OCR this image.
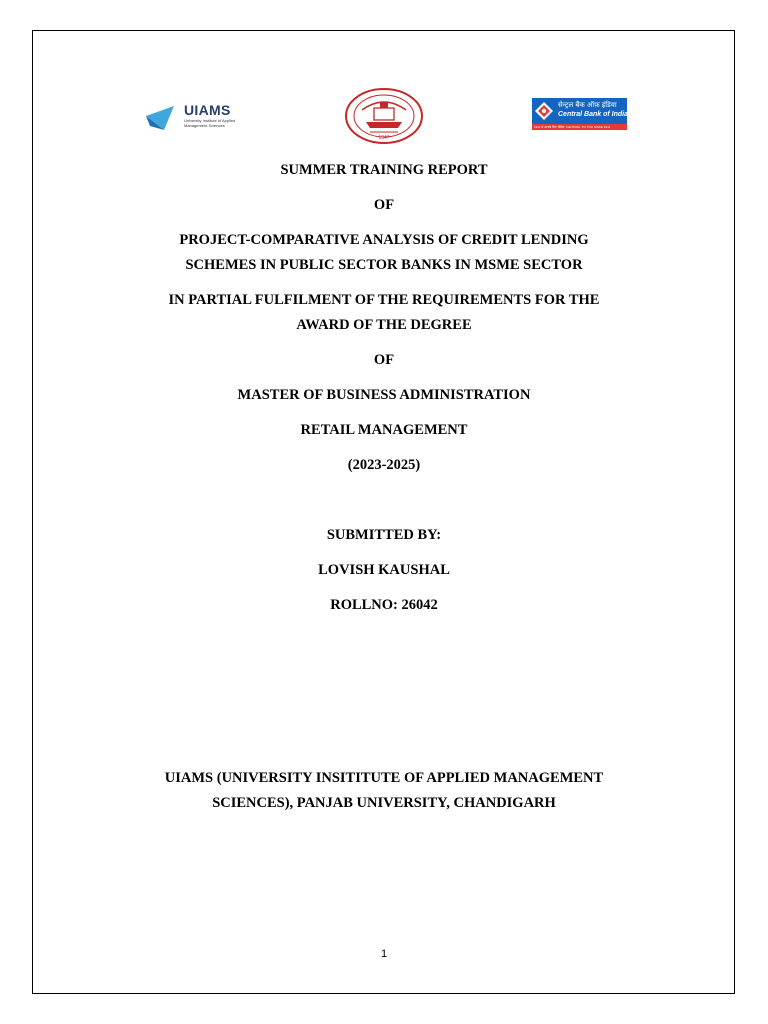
UIAMS
University Institute of Applied Management Sciences
1947
सेन्ट्रल बैंक ऑफ़ इंडिया
Central Bank of India
1911 से आपके लिए 'केंद्रित' 'CENTRAL' TO YOU SINCE 1911
SUMMER TRAINING REPORT
OF
PROJECT-COMPARATIVE ANALYSIS OF CREDIT LENDING
SCHEMES IN PUBLIC SECTOR BANKS IN MSME SECTOR
IN PARTIAL FULFILMENT OF THE REQUIREMENTS FOR THE
AWARD OF THE DEGREE
OF
MASTER OF BUSINESS ADMINISTRATION
RETAIL MANAGEMENT
(2023-2025)
SUBMITTED BY:
LOVISH KAUSHAL
ROLLNO: 26042
UIAMS (UNIVERSITY INSITITUTE OF APPLIED MANAGEMENT
SCIENCES), PANJAB UNIVERSITY, CHANDIGARH
1
